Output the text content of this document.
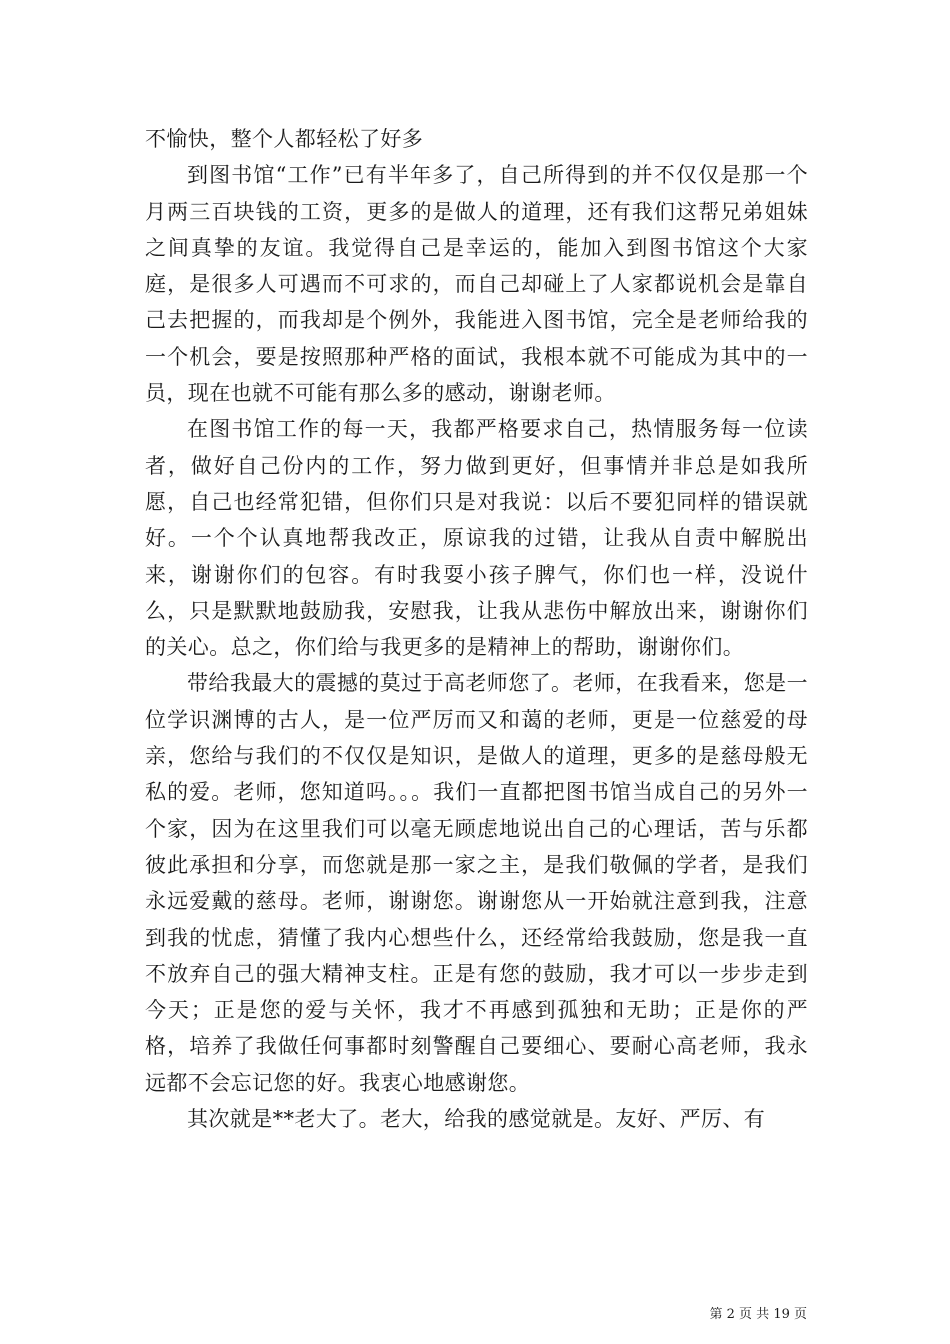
不愉快，整个人都轻松了好多

到图书馆“工作”已有半年多了，自己所得到的并不仅仅是那一个月两三百块钱的工资，更多的是做人的道理，还有我们这帮兄弟姐妹之间真挚的友谊。我觉得自己是幸运的，能加入到图书馆这个大家庭，是很多人可遇而不可求的，而自己却碰上了人家都说机会是靠自己去把握的，而我却是个例外，我能进入图书馆，完全是老师给我的一个机会，要是按照那种严格的面试，我根本就不可能成为其中的一员，现在也就不可能有那么多的感动，谢谢老师。

在图书馆工作的每一天，我都严格要求自己，热情服务每一位读者，做好自己份内的工作，努力做到更好，但事情并非总是如我所愿，自己也经常犯错，但你们只是对我说：以后不要犯同样的错误就好。一个个认真地帮我改正，原谅我的过错，让我从自责中解脱出来，谢谢你们的包容。有时我耍小孩子脾气，你们也一样，没说什么，只是默默地鼓励我，安慰我，让我从悲伤中解放出来，谢谢你们的关心。总之，你们给与我更多的是精神上的帮助，谢谢你们。

带给我最大的震撼的莫过于高老师您了。老师，在我看来，您是一位学识渊博的古人，是一位严厉而又和蔼的老师，更是一位慈爱的母亲，您给与我们的不仅仅是知识，是做人的道理，更多的是慈母般无私的爱。老师，您知道吗。。。我们一直都把图书馆当成自己的另外一个家，因为在这里我们可以毫无顾虑地说出自己的心理话，苦与乐都彼此承担和分享，而您就是那一家之主，是我们敬佩的学者，是我们永远爱戴的慈母。老师，谢谢您。谢谢您从一开始就注意到我，注意到我的忧虑，猜懂了我内心想些什么，还经常给我鼓励，您是我一直不放弃自己的强大精神支柱。正是有您的鼓励，我才可以一步步走到今天；正是您的爱与关怀，我才不再感到孤独和无助；正是你的严格，培养了我做任何事都时刻警醒自己要细心、要耐心高老师，我永远都不会忘记您的好。我衷心地感谢您。

其次就是**老大了。老大，给我的感觉就是。友好、严厉、有

第 2 页 共 19 页
